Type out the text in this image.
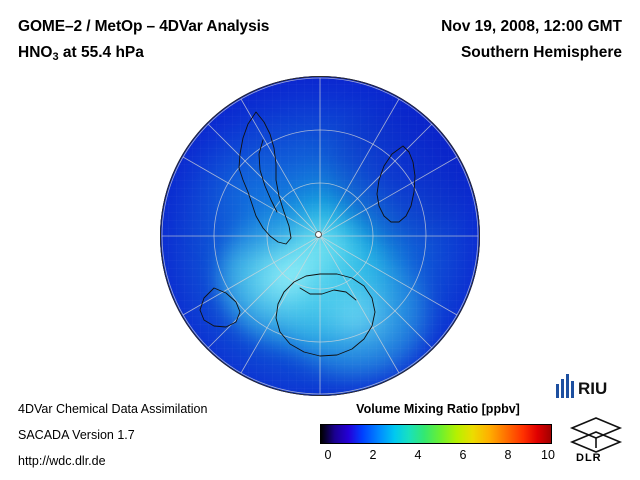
GOME–2 / MetOp – 4DVar Analysis
$HNO_3$ at 55.4 hPa
Nov 19, 2008, 12:00 GMT
Southern Hemisphere
4DVar Chemical Data Assimilation
SACADA Version 1.7
http://wdc.dlr.de
Volume Mixing Ratio [ppbv]
0	2	4	6	8 10
RIU
DLR
